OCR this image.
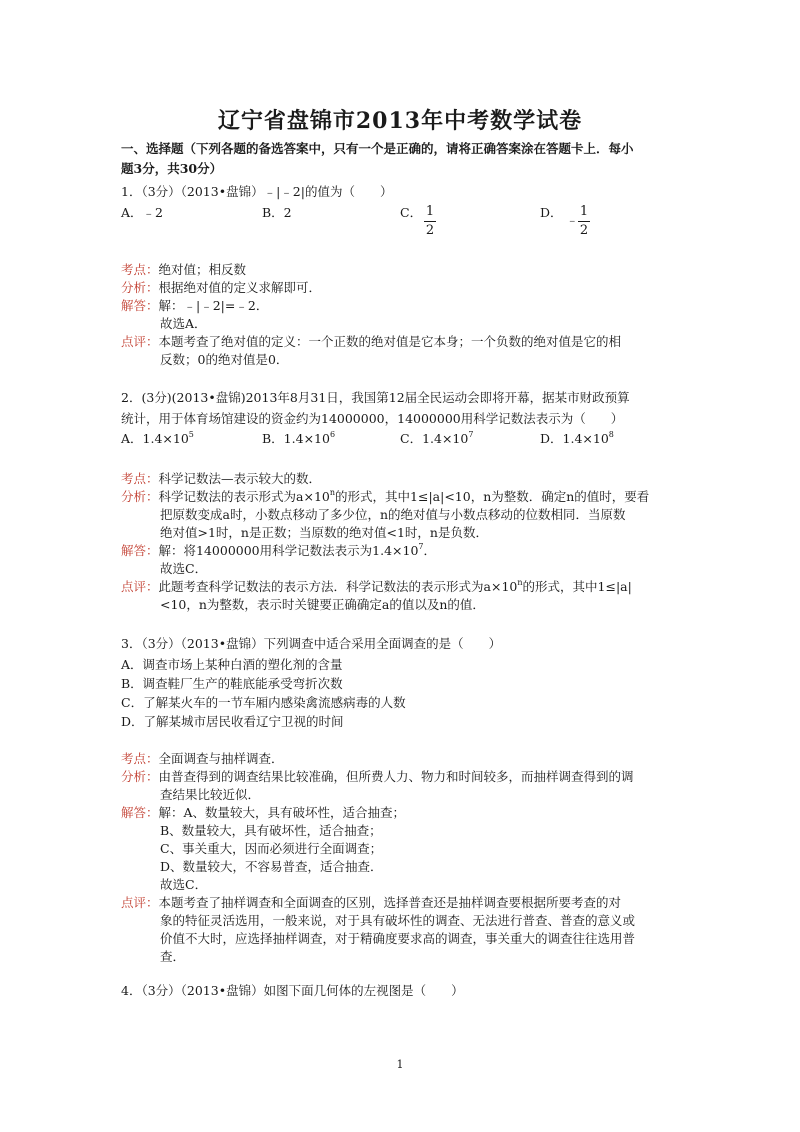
辽宁省盘锦市2013年中考数学试卷
一、选择题（下列各题的备选答案中，只有一个是正确的，请将正确答案涂在答题卡上．每小
题3分，共30分）
1．（3分）（2013•盘锦）﹣|﹣2|的值为（　　）
A．﹣2	B．2	C． 1
2
D． ﹣
1
2
考点：绝对值；相反数
分析：根据绝对值的定义求解即可．
解答：解：﹣|﹣2|=﹣2．
故选A．
点评：本题考查了绝对值的定义：一个正数的绝对值是它本身；一个负数的绝对值是它的相
反数；0的绝对值是0．
2．(3分)(2013•盘锦)2013年8月31日，我国第12届全民运动会即将开幕，据某市财政预算
统计，用于体育场馆建设的资金约为14000000，14000000用科学记数法表示为（　　）
A．$1.4\times 10^5$	B．$1.4\times 10^6$	C．$1.4\times 10^7$	D．$1.4\times 10^8$
考点：科学记数法—表示较大的数．
分析：科学记数法的表示形式为$a\times 10^n$的形式，其中1≤|a|<10，n为整数．确定n的值时，要看
把原数变成a时，小数点移动了多少位，n的绝对值与小数点移动的位数相同．当原数
绝对值>1时，n是正数；当原数的绝对值<1时，n是负数．
解答：解：将14000000用科学记数法表示为$1.4\times 10^7$．
故选C．
点评：此题考查科学记数法的表示方法．科学记数法的表示形式为$a\times 10^n$的形式，其中1≤|a|
<10，n为整数，表示时关键要正确确定a的值以及n的值．
3．（3分）（2013•盘锦）下列调查中适合采用全面调查的是（　　）
A．调查市场上某种白酒的塑化剂的含量
B．调查鞋厂生产的鞋底能承受弯折次数
C．了解某火车的一节车厢内感染禽流感病毒的人数
D．了解某城市居民收看辽宁卫视的时间
考点：全面调查与抽样调查．
分析：由普查得到的调查结果比较准确，但所费人力、物力和时间较多，而抽样调查得到的调
查结果比较近似．
解答：解：A、数量较大，具有破坏性，适合抽查；
B、数量较大，具有破坏性，适合抽查；
C、事关重大，因而必须进行全面调查；
D、数量较大，不容易普查，适合抽查．
故选C．
点评：本题考查了抽样调查和全面调查的区别，选择普查还是抽样调查要根据所要考查的对
象的特征灵活选用，一般来说，对于具有破坏性的调查、无法进行普查、普查的意义或
价值不大时，应选择抽样调查，对于精确度要求高的调查，事关重大的调查往往选用普
查．
4．（3分）（2013•盘锦）如图下面几何体的左视图是（　　）
1
